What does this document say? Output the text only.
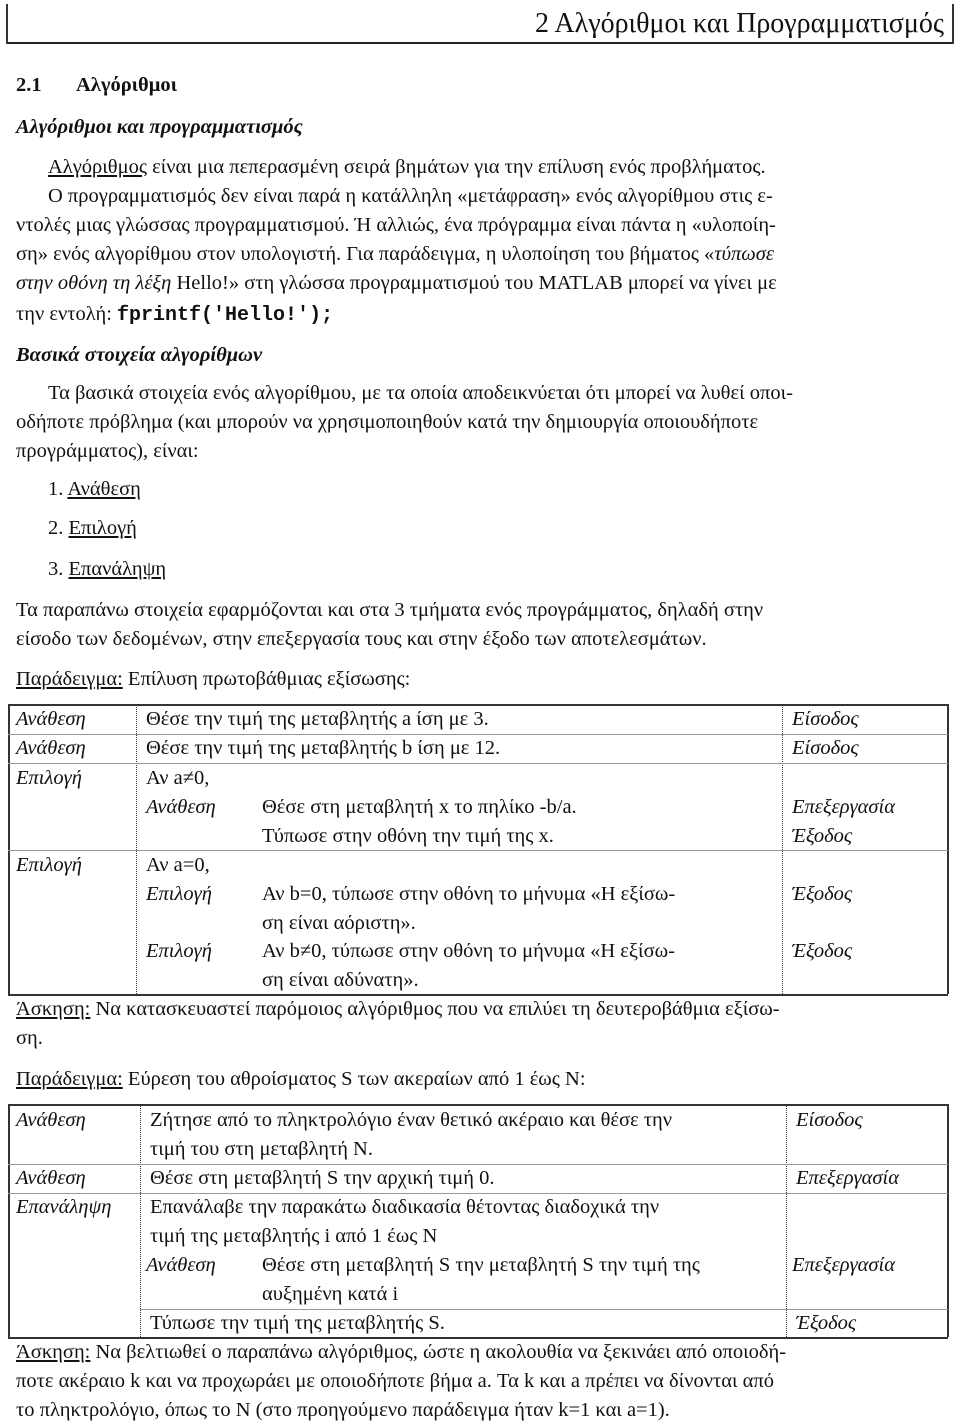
2 Αλγόριθμοι και Προγραμματισμός
2.1 Αλγόριθμοι
Αλγόριθμοι και προγραμματισμός
Αλγόριθμος είναι μια πεπερασμένη σειρά βημάτων για την επίλυση ενός προβλήματος.
Ο προγραμματισμός δεν είναι παρά η κατάλληλη «μετάφραση» ενός αλγορίθμου στις ε-
ντολές μιας γλώσσας προγραμματισμού. Ή αλλιώς, ένα πρόγραμμα είναι πάντα η «υλοποίη-
ση» ενός αλγορίθμου στον υπολογιστή. Για παράδειγμα, η υλοποίηση του βήματος «τύπωσε
στην οθόνη τη λέξη Hello!» στη γλώσσα προγραμματισμού του MATLAB μπορεί να γίνει με
την εντολή: fprintf('Hello!');
Βασικά στοιχεία αλγορίθμων
Τα βασικά στοιχεία ενός αλγορίθμου, με τα οποία αποδεικνύεται ότι μπορεί να λυθεί οποι-
οδήποτε πρόβλημα (και μπορούν να χρησιμοποιηθούν κατά την δημιουργία οποιουδήποτε
προγράμματος), είναι:
1. Ανάθεση
2. Επιλογή
3. Επανάληψη
Τα παραπάνω στοιχεία εφαρμόζονται και στα 3 τμήματα ενός προγράμματος, δηλαδή στην
είσοδο των δεδομένων, στην επεξεργασία τους και στην έξοδο των αποτελεσμάτων.
Παράδειγμα: Επίλυση πρωτοβάθμιας εξίσωσης:
Ανάθεση	Θέσε την τιμή της μεταβλητής a ίση με 3.	Είσοδος
Ανάθεση	Θέσε την τιμή της μεταβλητής b ίση με 12.	Είσοδος
Επιλογή	Αν a≠0,
Ανάθεση Θέσε στη μεταβλητή x το πηλίκο -b/a.	Επεξεργασία
Τύπωσε στην οθόνη την τιμή της x.	Έξοδος
Επιλογή	Αν a=0,
Επιλογή Αν b=0, τύπωσε στην οθόνη το μήνυμα «Η εξίσω-	Έξοδος
ση είναι αόριστη».
Επιλογή Αν b≠0, τύπωσε στην οθόνη το μήνυμα «Η εξίσω-	Έξοδος
ση είναι αδύνατη».
Άσκηση: Να κατασκευαστεί παρόμοιος αλγόριθμος που να επιλύει τη δευτεροβάθμια εξίσω-
ση.
Παράδειγμα: Εύρεση του αθροίσματος S των ακεραίων από 1 έως N:
Ανάθεση	Ζήτησε από το πληκτρολόγιο έναν θετικό ακέραιο και θέσε την	Είσοδος
τιμή του στη μεταβλητή N.
Ανάθεση	Θέσε στη μεταβλητή S την αρχική τιμή 0.	Επεξεργασία
Επανάληψη Επανάλαβε την παρακάτω διαδικασία θέτοντας διαδοχικά την
τιμή της μεταβλητής i από 1 έως N
Ανάθεση Θέσε στη μεταβλητή S την μεταβλητή S την τιμή της	Επεξεργασία
αυξημένη κατά i
Τύπωσε την τιμή της μεταβλητής S.	Έξοδος
Άσκηση: Να βελτιωθεί ο παραπάνω αλγόριθμος, ώστε η ακολουθία να ξεκινάει από οποιοδή-
ποτε ακέραιο k και να προχωράει με οποιοδήποτε βήμα a. Τα k και a πρέπει να δίνονται από
το πληκτρολόγιο, όπως το N (στο προηγούμενο παράδειγμα ήταν k=1 και a=1).
